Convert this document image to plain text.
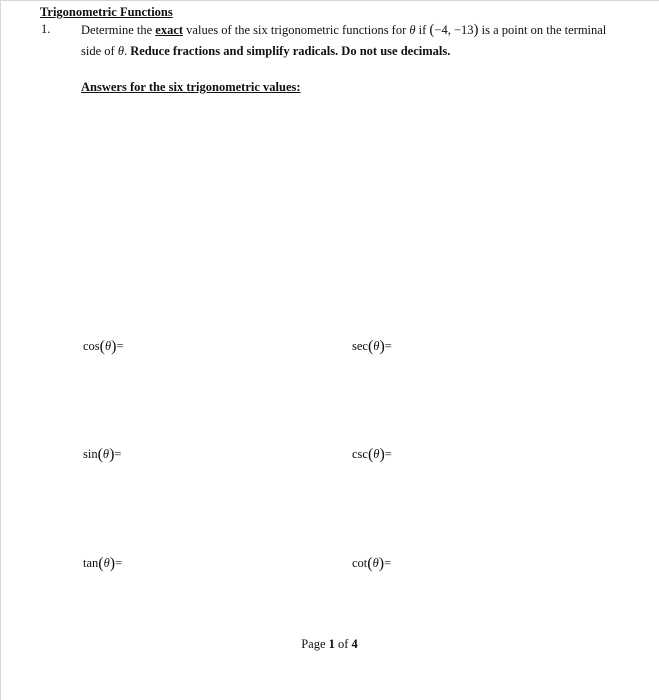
Trigonometric Functions
1. Determine the exact values of the six trigonometric functions for θ if (−4, −13) is a point on the terminal
side of θ. Reduce fractions and simplify radicals. Do not use decimals.
Answers for the six trigonometric values:
cos(θ)=	sec(θ)=
sin(θ)=	csc(θ)=
tan(θ)=	cot(θ)=
Page 1 of 4
